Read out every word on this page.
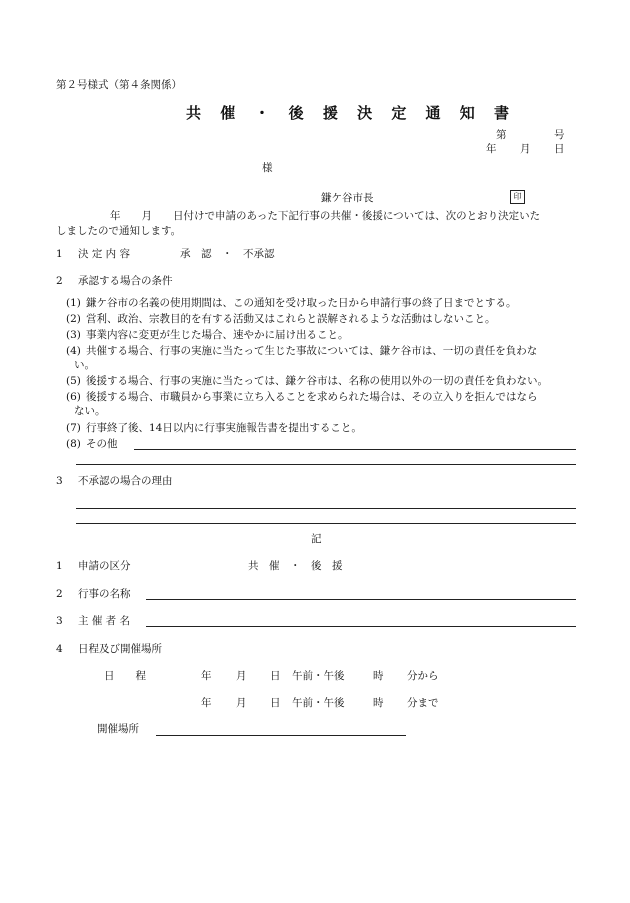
第２号様式（第４条関係）
共 催 ・ 後 援 決 定 通 知 書
第	号
年 月 日
様
鎌ケ谷市長	印
年　　月　　日付けで申請のあった下記行事の共催・後援については、次のとおり決定いた
しましたので通知します。
1 決 定 内 容	承　認　・　不承認
2 承認する場合の条件
(1) 鎌ケ谷市の名義の使用期間は、この通知を受け取った日から申請行事の終了日までとする。
(2) 営利、政治、宗教目的を有する活動又はこれらと誤解されるような活動はしないこと。
(3) 事業内容に変更が生じた場合、速やかに届け出ること。
(4) 共催する場合、行事の実施に当たって生じた事故については、鎌ケ谷市は、一切の責任を負わな
い。
(5) 後援する場合、行事の実施に当たっては、鎌ケ谷市は、名称の使用以外の一切の責任を負わない。
(6) 後援する場合、市職員から事業に立ち入ることを求められた場合は、その立入りを拒んではなら
ない。
(7) 行事終了後、14日以内に行事実施報告書を提出すること。
(8) その他
3 不承認の場合の理由
記
1 申請の区分	共　催　・　後　援
2 行事の名称
3 主 催 者 名
4 日程及び開催場所
日　　程	年 月 日 午前・午後	時 分から
年 月 日 午前・午後	時 分まで
開催場所
